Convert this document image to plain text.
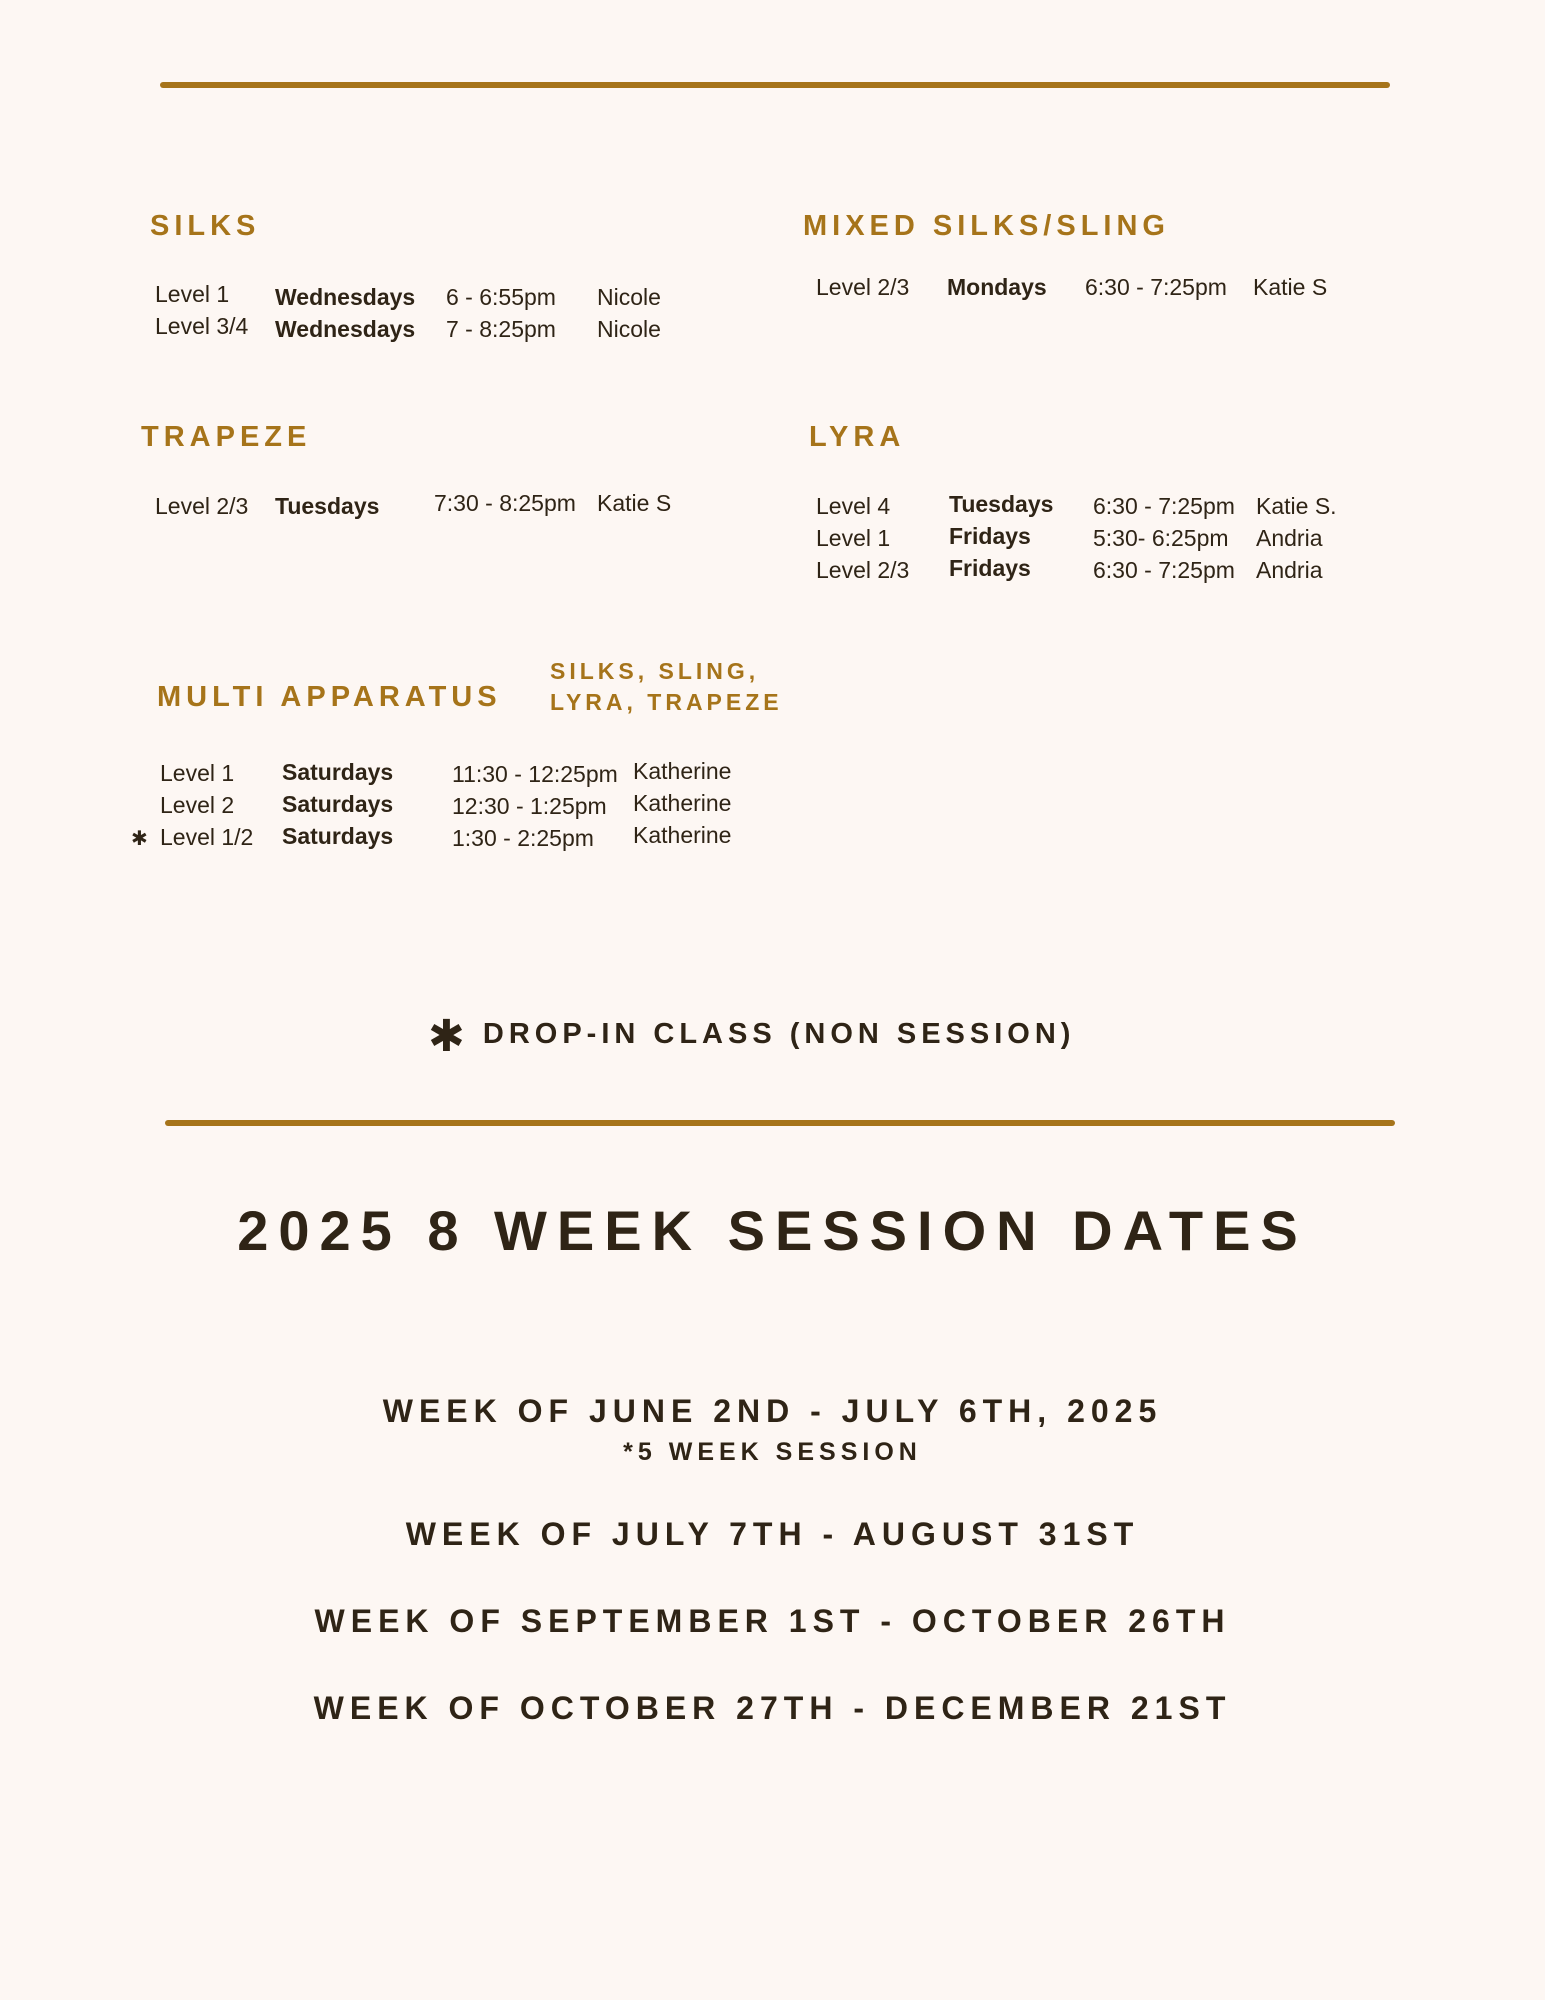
SILKS
Level 1 Wednesdays 6 - 6:55pm Nicole
Level 3/4 Wednesdays 7 - 8:25pm Nicole
MIXED SILKS/SLING
Level 2/3 Mondays 6:30 - 7:25pm Katie S
TRAPEZE
Level 2/3 Tuesdays 7:30 - 8:25pm Katie S
LYRA
Level 4	Tuesdays 6:30 - 7:25pm Katie S.
Level 1	Fridays	5:30- 6:25pm Andria
Level 2/3 Fridays	6:30 - 7:25pm Andria
MULTI APPARATUS
SILKS, SLING,
LYRA, TRAPEZE
Level 1 Saturdays	11:30 - 12:25pm Katherine
Level 2 Saturdays	12:30 - 1:25pm Katherine
✱ Level 1/2 Saturdays	1:30 - 2:25pm Katherine
✱ DROP-IN CLASS (NON SESSION)
2025 8 WEEK SESSION DATES
WEEK OF JUNE 2ND - JULY 6TH, 2025
*5 WEEK SESSION
WEEK OF JULY 7TH - AUGUST 31ST
WEEK OF SEPTEMBER 1ST - OCTOBER 26TH
WEEK OF OCTOBER 27TH - DECEMBER 21ST
